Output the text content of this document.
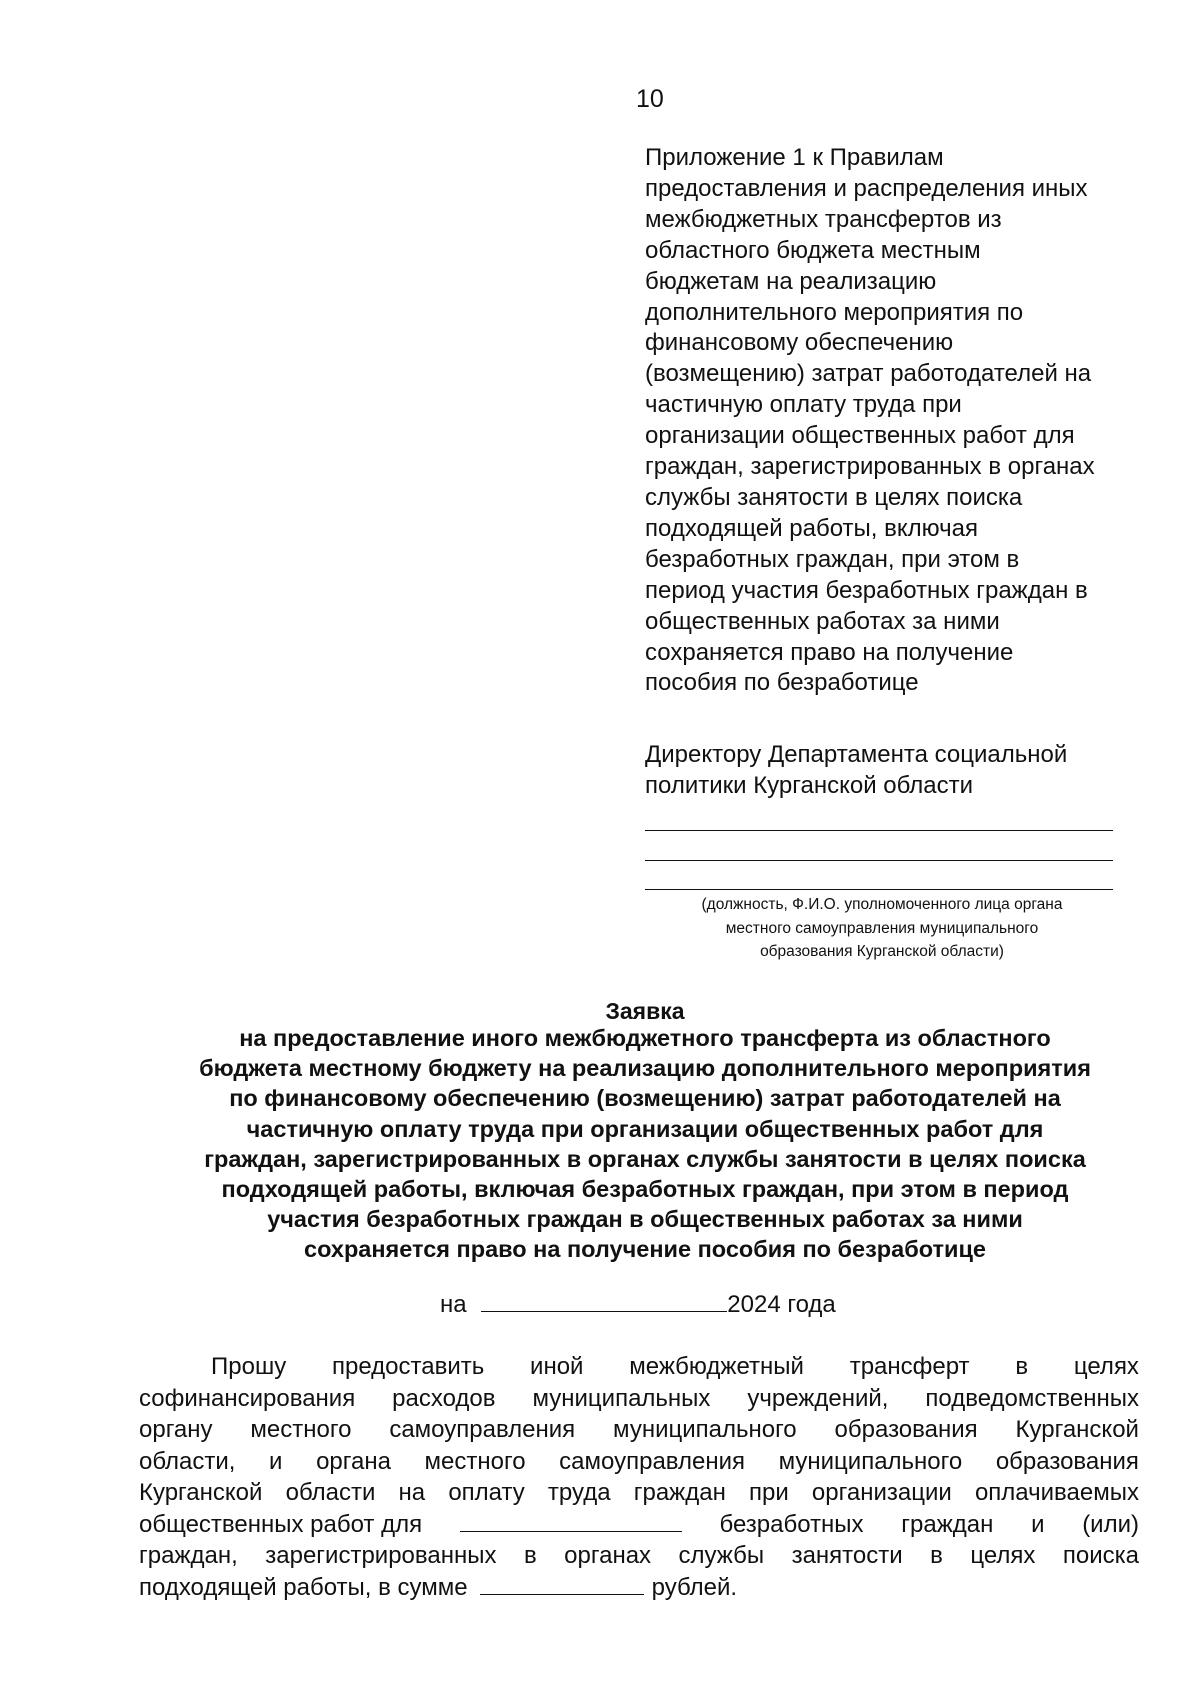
10
Приложение 1 к Правилам
предоставления и распределения иных
межбюджетных трансфертов из
областного бюджета местным
бюджетам на реализацию
дополнительного мероприятия по
финансовому обеспечению
(возмещению) затрат работодателей на
частичную оплату труда при
организации общественных работ для
граждан, зарегистрированных в органах
службы занятости в целях поиска
подходящей работы, включая
безработных граждан, при этом в
период участия безработных граждан в
общественных работах за ними
сохраняется право на получение
пособия по безработице
Директору Департамента социальной
политики Курганской области
(должность, Ф.И.О. уполномоченного лица органа
местного самоуправления муниципального
образования Курганской области)
Заявка
на предоставление иного межбюджетного трансферта из областного
бюджета местному бюджету на реализацию дополнительного мероприятия
по финансовому обеспечению (возмещению) затрат работодателей на
частичную оплату труда при организации общественных работ для
граждан, зарегистрированных в органах службы занятости в целях поиска
подходящей работы, включая безработных граждан, при этом в период
участия безработных граждан в общественных работах за ними
сохраняется право на получение пособия по безработице
на	2024 года
Прошу предоставить иной межбюджетный трансферт в целях
софинансирования расходов муниципальных учреждений, подведомственных
органу местного самоуправления муниципального образования Курганской
области, и органа местного самоуправления муниципального образования
Курганской области на оплату труда граждан при организации оплачиваемых
общественных работ для	безработных граждан и (или)
граждан, зарегистрированных в органах службы занятости в целях поиска
подходящей работы, в сумме	рублей.
